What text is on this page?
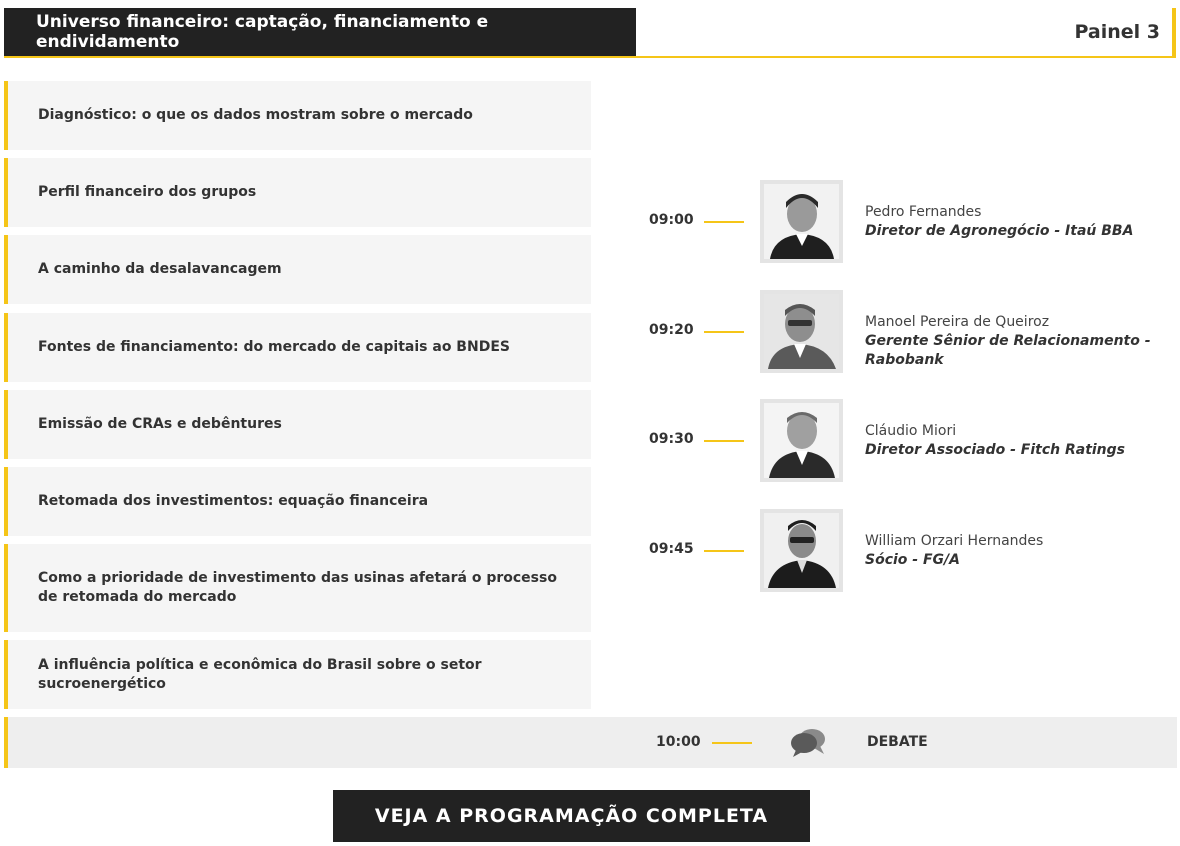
Universo financeiro: captação, financiamento e endividamento	Painel 3
Diagnóstico: o que os dados mostram sobre o mercado
Perfil financeiro dos grupos
A caminho da desalavancagem
Fontes de financiamento: do mercado de capitais ao BNDES
Emissão de CRAs e debêntures
Retomada dos investimentos: equação financeira
Como a prioridade de investimento das usinas afetará o processo de retomada do mercado
A influência política e econômica do Brasil sobre o setor sucroenergético
09:00	Pedro Fernandes
Diretor de Agronegócio - Itaú BBA
09:20	Manoel Pereira de Queiroz
Gerente Sênior de Relacionamento - Rabobank
09:30	Cláudio Miori
Diretor Associado - Fitch Ratings
09:45	William Orzari Hernandes
Sócio - FG/A
10:00	DEBATE
VEJA A PROGRAMAÇÃO COMPLETA
